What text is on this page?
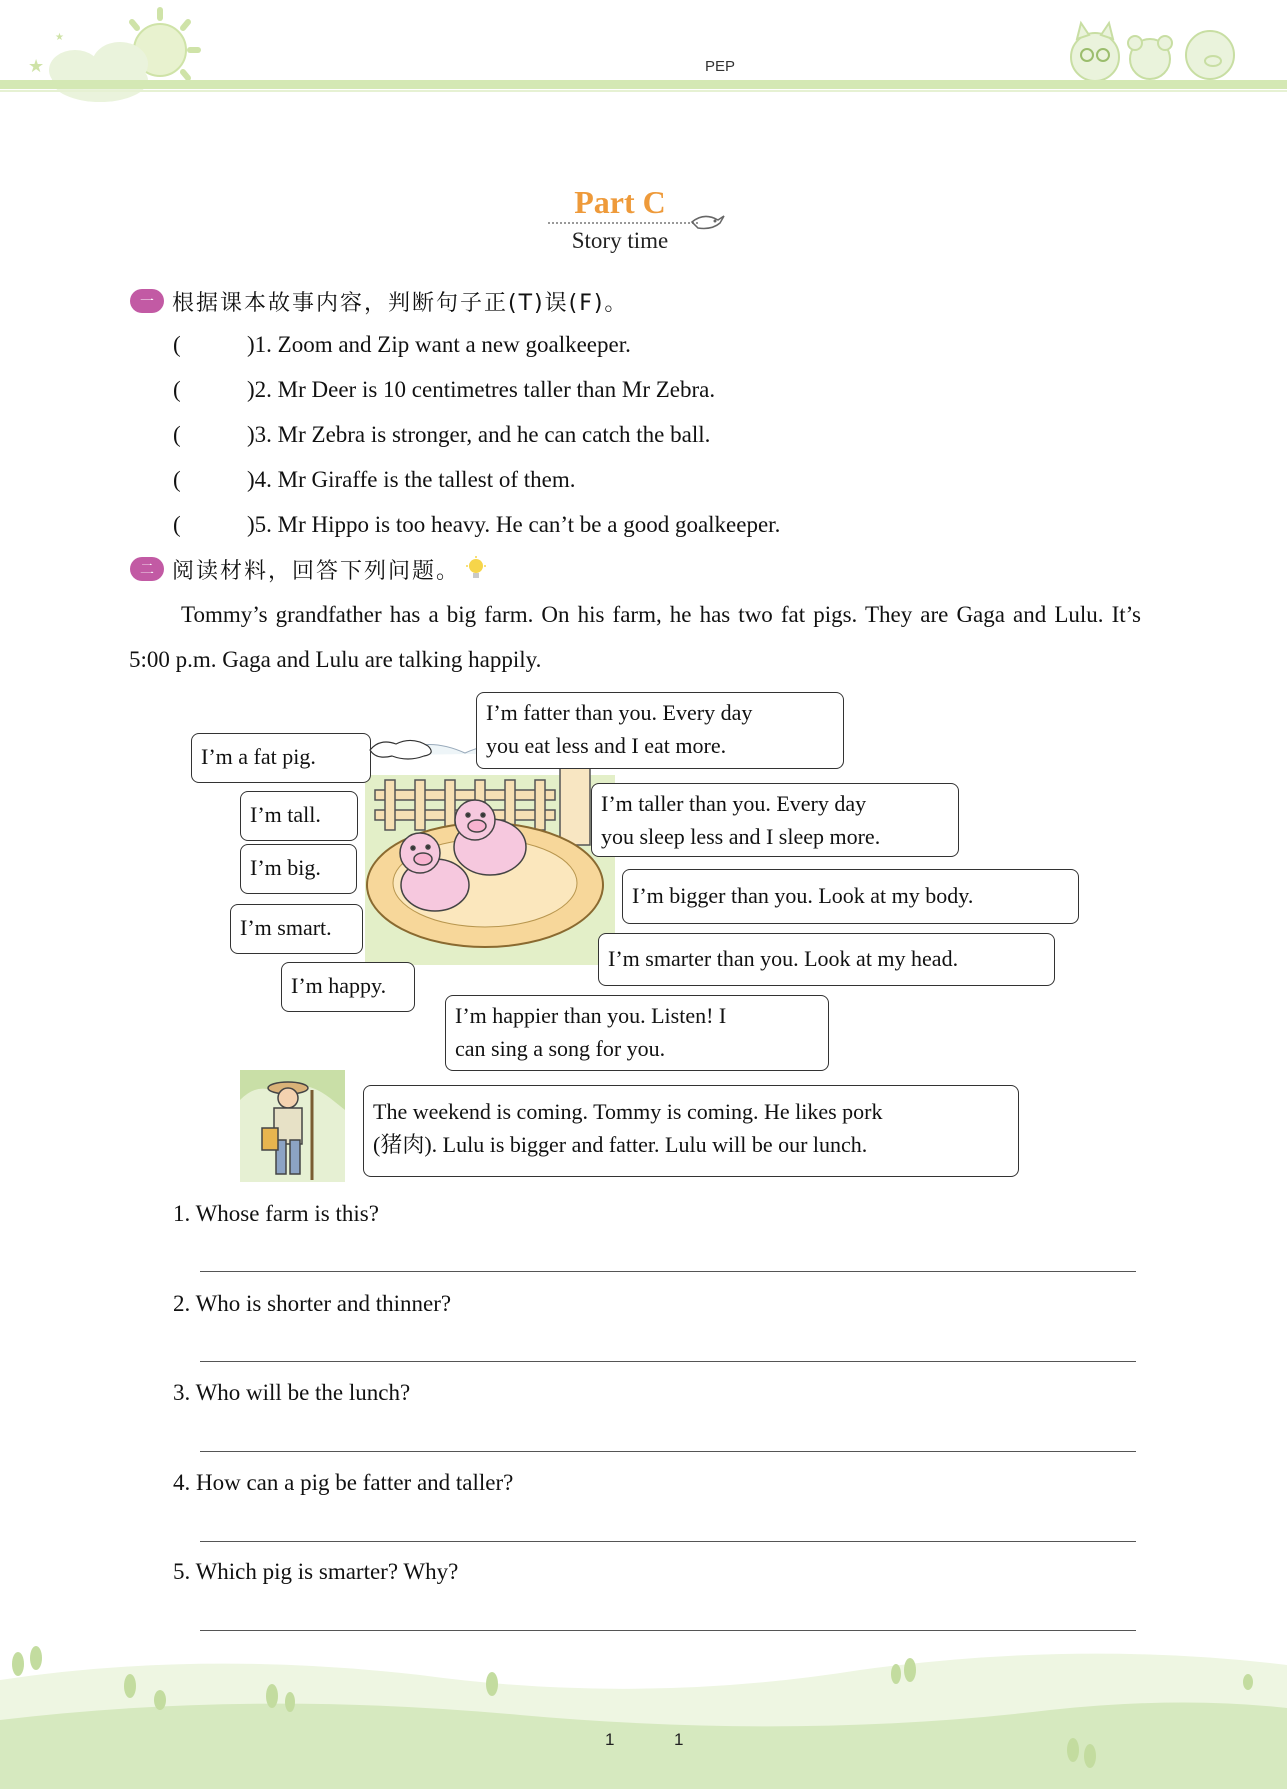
★
★
PEP
Part C
Story time
一 根据课本故事内容，判断句子正(T)误(F)。
(	)1. Zoom and Zip want a new goalkeeper.
(	)2. Mr Deer is 10 centimetres taller than Mr Zebra.
(	)3. Mr Zebra is stronger, and he can catch the ball.
(	)4. Mr Giraffe is the tallest of them.
(	)5. Mr Hippo is too heavy. He can’t be a good goalkeeper.
二 阅读材料，回答下列问题。
Tommy’s grandfather has a big farm. On his farm, he has two fat pigs. They are Gaga and Lulu. It’s 5:00 p.m. Gaga and Lulu are talking happily.
I’m a fat pig.
I’m fatter than you. Every day
you eat less and I eat more.
I’m tall.	I’m taller than you. Every day
you sleep less and I sleep more.
I’m big.
I’m bigger than you. Look at my body.
I’m smart.
I’m smarter than you. Look at my head.
I’m happy.
I’m happier than you. Listen! I
can sing a song for you.
The weekend is coming. Tommy is coming. He likes pork
(猪肉). Lulu is bigger and fatter. Lulu will be our lunch.
1. Whose farm is this?
2. Who is shorter and thinner?
3. Who will be the lunch?
4. How can a pig be fatter and taller?
5. Which pig is smarter? Why?
1	1
